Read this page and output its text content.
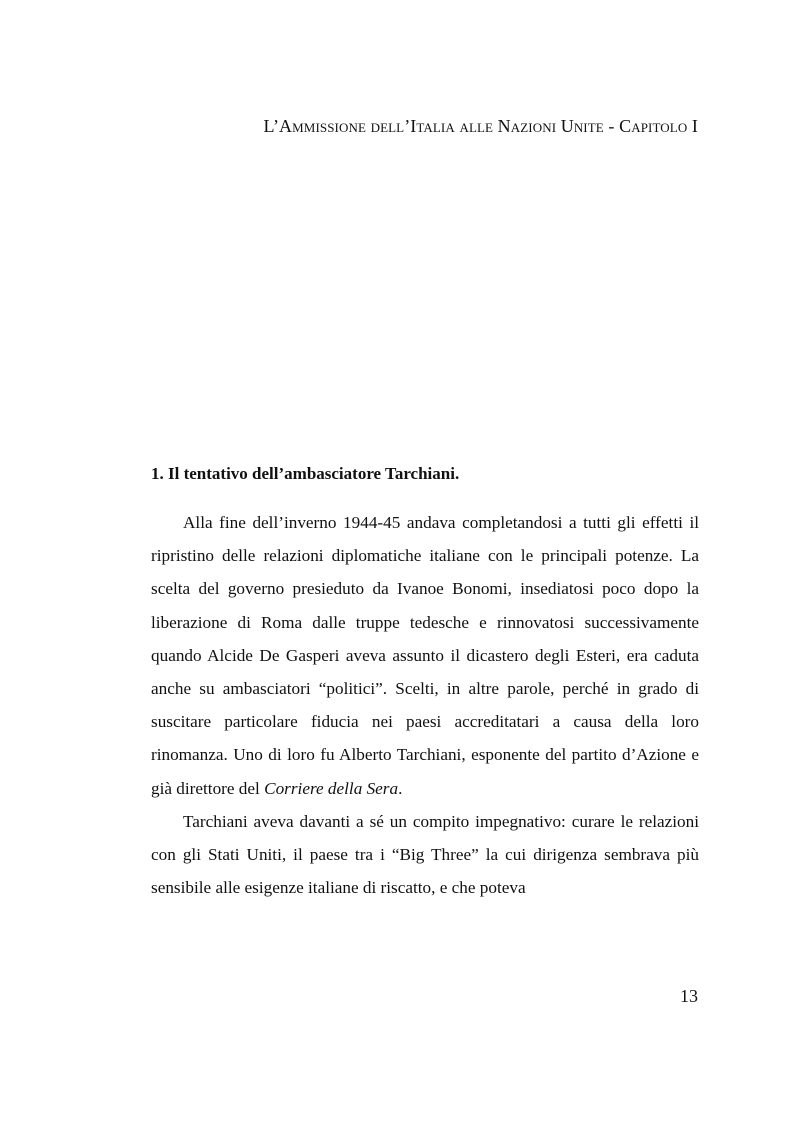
L’Ammissione dell’Italia alle Nazioni Unite - Capitolo I
1. Il tentativo dell’ambasciatore Tarchiani.

Alla fine dell’inverno 1944-45 andava completandosi a tutti gli effetti il ripristino delle relazioni diplomatiche italiane con le principali potenze. La scelta del governo presieduto da Ivanoe Bonomi, insediatosi poco dopo la liberazione di Roma dalle truppe tedesche e rinnovatosi successivamente quando Alcide De Gasperi aveva assunto il dicastero degli Esteri, era caduta anche su ambasciatori “politici”. Scelti, in altre parole, perché in grado di suscitare particolare fiducia nei paesi accreditatari a causa della loro rinomanza. Uno di loro fu Alberto Tarchiani, esponente del partito d’Azione e già direttore del Corriere della Sera.

Tarchiani aveva davanti a sé un compito impegnativo: curare le relazioni con gli Stati Uniti, il paese tra i “Big Three” la cui dirigenza sembrava più sensibile alle esigenze italiane di riscatto, e che poteva

13
